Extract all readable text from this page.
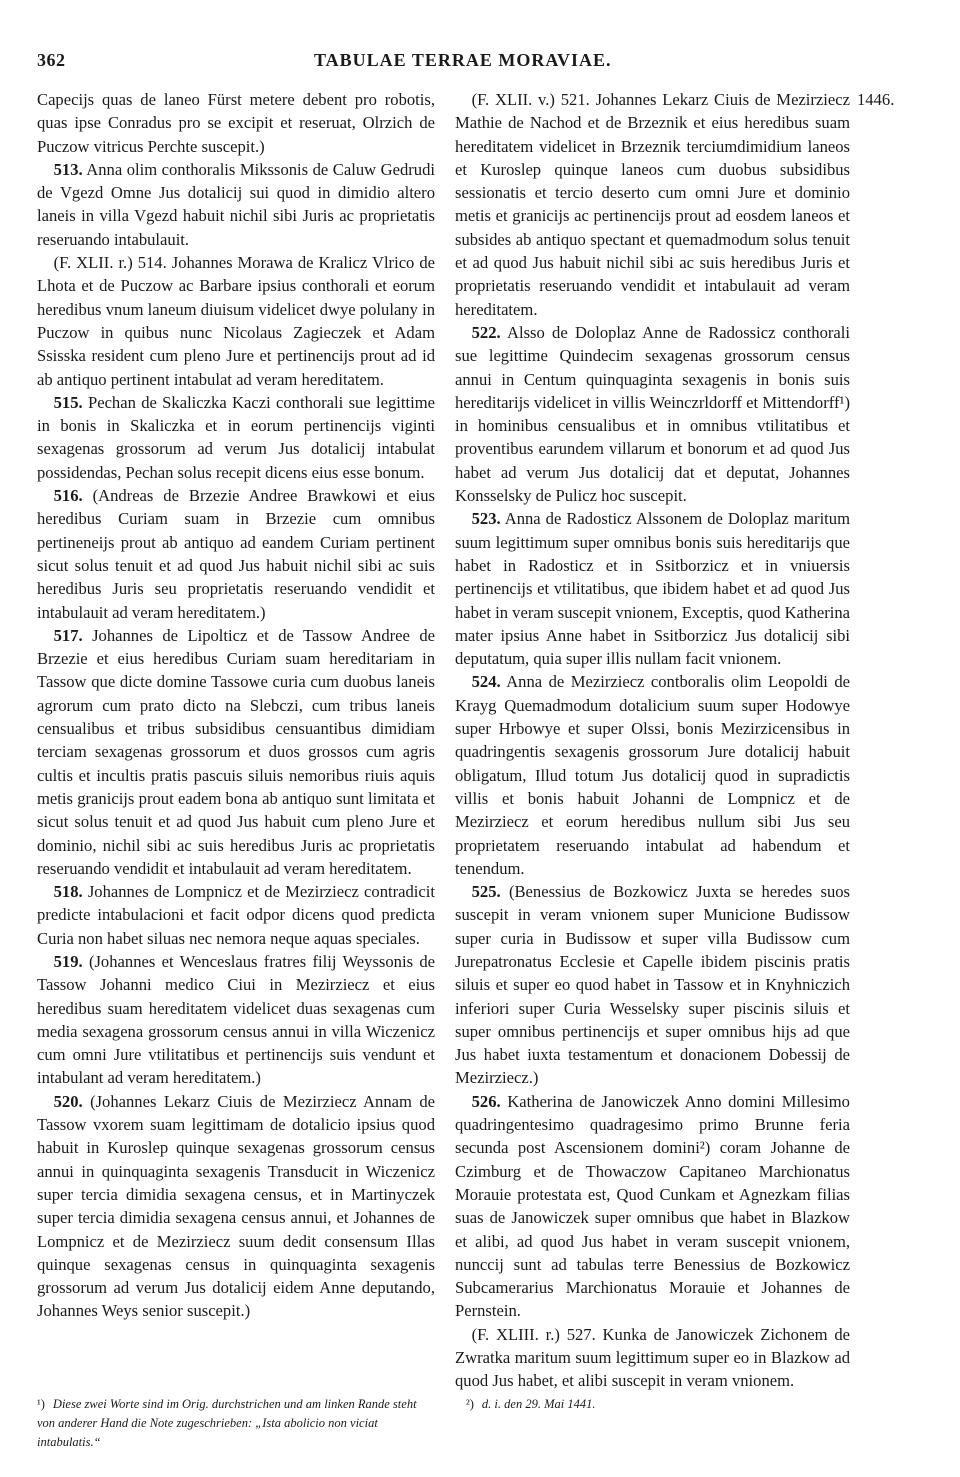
362	TABULAE TERRAE MORAVIAE.

Capecijs quas de laneo Fürst metere debent pro robotis, quas ipse Conradus pro se excipit et reseruat, Olrzich de Puczow vitricus Perchte suscepit.)

 513. Anna olim conthoralis Mikssonis de Caluw Gedrudi de Vgezd Omne Jus dotalicij sui quod in dimidio altero laneis in villa Vgezd habuit nichil sibi Juris ac proprietatis reseruando intabulauit.

 (F. XLII. r.) 514. Johannes Morawa de Kralicz Vlrico de Lhota et de Puczow ac Barbare ipsius conthorali et eorum heredibus vnum laneum diuisum videlicet dwye polulany in Puczow in quibus nunc Nicolaus Zagieczek et Adam Ssisska resident cum pleno Jure et pertinencijs prout ad id ab antiquo pertinent intabulat ad veram hereditatem.

 515. Pechan de Skaliczka Kaczi conthorali sue legittime in bonis in Skaliczka et in eorum pertinencijs viginti sexagenas grossorum ad verum Jus dotalicij intabulat possidendas, Pechan solus recepit dicens eius esse bonum.

 516. (Andreas de Brzezie Andree Brawkowi et eius heredibus Curiam suam in Brzezie cum omnibus pertineneijs prout ab antiquo ad eandem Curiam pertinent sicut solus tenuit et ad quod Jus habuit nichil sibi ac suis heredibus Juris seu proprietatis reseruando vendidit et intabulauit ad veram hereditatem.)

 517. Johannes de Lipolticz et de Tassow Andree de Brzezie et eius heredibus Curiam suam hereditariam in Tassow que dicte domine Tassowe curia cum duobus laneis agrorum cum prato dicto na Slebczi, cum tribus laneis censualibus et tribus subsidibus censuantibus dimidiam terciam sexagenas grossorum et duos grossos cum agris cultis et incultis pratis pascuis siluis nemoribus riuis aquis metis granicijs prout eadem bona ab antiquo sunt limitata et sicut solus tenuit et ad quod Jus habuit cum pleno Jure et dominio, nichil sibi ac suis heredibus Juris ac proprietatis reseruando vendidit et intabulauit ad veram hereditatem.

 518. Johannes de Lompnicz et de Mezirziecz contradicit predicte intabulacioni et facit odpor dicens quod predicta Curia non habet siluas nec nemora neque aquas speciales.

 519. (Johannes et Wenceslaus fratres filij Weyssonis de Tassow Johanni medico Ciui in Mezirziecz et eius heredibus suam hereditatem videlicet duas sexagenas cum media sexagena grossorum census annui in villa Wiczenicz cum omni Jure vtilitatibus et pertinencijs suis vendunt et intabulant ad veram hereditatem.)

 520. (Johannes Lekarz Ciuis de Mezirziecz Annam de Tassow vxorem suam legittimam de dotalicio ipsius quod habuit in Kuroslep quinque sexagenas grossorum census annui in quinquaginta sexagenis Transducit in Wiczenicz super tercia dimidia sexagena census, et in Martinyczek super tercia dimidia sexagena census annui, et Johannes de Lompnicz et de Mezirziecz suum dedit consensum Illas quinque sexagenas census in quinquaginta sexagenis grossorum ad verum Jus dotalicij eidem Anne deputando, Johannes Weys senior suscepit.)

1446.

 (F. XLII. v.) 521. Johannes Lekarz Ciuis de Mezirziecz Mathie de Nachod et de Brzeznik et eius heredibus suam hereditatem videlicet in Brzeznik terciumdimidium laneos et Kuroslep quinque laneos cum duobus subsidibus sessionatis et tercio deserto cum omni Jure et dominio metis et granicijs ac pertinencijs prout ad eosdem laneos et subsides ab antiquo spectant et quemadmodum solus tenuit et ad quod Jus habuit nichil sibi ac suis heredibus Juris et proprietatis reseruando vendidit et intabulauit ad veram hereditatem.

 522. Alsso de Doloplaz Anne de Radossicz conthorali sue legittime Quindecim sexagenas grossorum census annui in Centum quinquaginta sexagenis in bonis suis hereditarijs videlicet in villis Weinczrldorff et Mittendorff¹) in hominibus censualibus et in omnibus vtilitatibus et proventibus earundem villarum et bonorum et ad quod Jus habet ad verum Jus dotalicij dat et deputat, Johannes Konsselsky de Pulicz hoc suscepit.

 523. Anna de Radosticz Alssonem de Doloplaz maritum suum legittimum super omnibus bonis suis hereditarijs que habet in Radosticz et in Ssitborzicz et in vniuersis pertinencijs et vtilitatibus, que ibidem habet et ad quod Jus habet in veram suscepit vnionem, Exceptis, quod Katherina mater ipsius Anne habet in Ssitborzicz Jus dotalicij sibi deputatum, quia super illis nullam facit vnionem.

 524. Anna de Mezirziecz contboralis olim Leopoldi de Krayg Quemadmodum dotalicium suum super Hodowye super Hrbowye et super Olssi, bonis Mezirzicensibus in quadringentis sexagenis grossorum Jure dotalicij habuit obligatum, Illud totum Jus dotalicij quod in supradictis villis et bonis habuit Johanni de Lompnicz et de Mezirziecz et eorum heredibus nullum sibi Jus seu proprietatem reseruando intabulat ad habendum et tenendum.

 525. (Benessius de Bozkowicz Juxta se heredes suos suscepit in veram vnionem super Municione Budissow super curia in Budissow et super villa Budissow cum Jurepatronatus Ecclesie et Capelle ibidem piscinis pratis siluis et super eo quod habet in Tassow et in Knyhniczich inferiori super Curia Wesselsky super piscinis siluis et super omnibus pertinencijs et super omnibus hijs ad que Jus habet iuxta testamentum et donacionem Dobessij de Mezirziecz.)

 526. Katherina de Janowiczek Anno domini Millesimo quadringentesimo quadragesimo primo Brunne feria secunda post Ascensionem domini²) coram Johanne de Czimburg et de Thowaczow Capitaneo Marchionatus Morauie protestata est, Quod Cunkam et Agnezkam filias suas de Janowiczek super omnibus que habet in Blazkow et alibi, ad quod Jus habet in veram suscepit vnionem, nunccij sunt ad tabulas terre Benessius de Bozkowicz Subcamerarius Marchionatus Morauie et Johannes de Pernstein.

 (F. XLIII. r.) 527. Kunka de Janowiczek Zichonem de Zwratka maritum suum legittimum super eo in Blazkow ad quod Jus habet, et alibi suscepit in veram vnionem.

¹) Diese zwei Worte sind im Orig. durchstrichen und am linken Rande steht von anderer Hand die Note zugeschrieben: „Ista abolicio non viciat intabulatis.“
²) d. i. den 29. Mai 1441.
